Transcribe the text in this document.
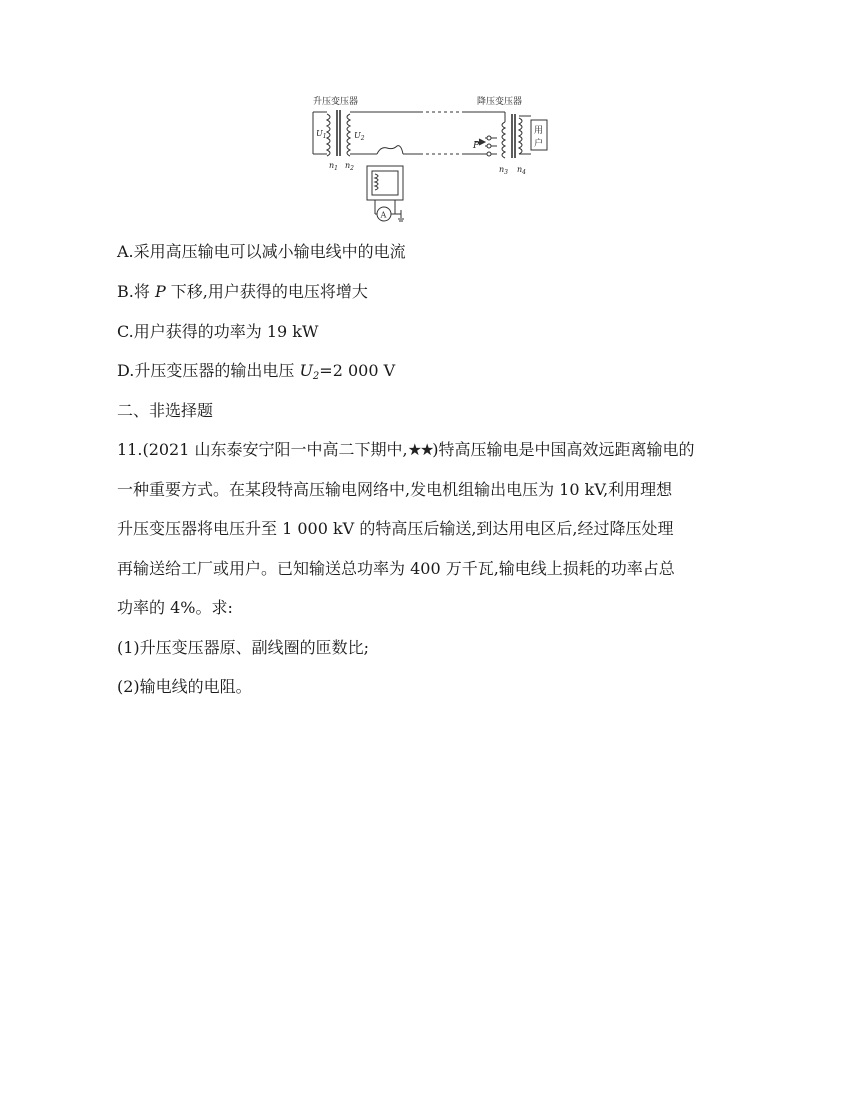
升压变压器	降压变压器
$U_1$	$U_2$
$n_1$ $n_2$	$n_3$ $n_4$
P
用
户
A
A.采用高压输电可以减小输电线中的电流
B.将 P 下移,用户获得的电压将增大
C.用户获得的功率为 19 kW
D.升压变压器的输出电压 $U_2=2$ 000 V
二、非选择题
11.(2021 山东泰安宁阳一中高二下期中,★★)特高压输电是中国高效远距离输电的
一种重要方式。在某段特高压输电网络中,发电机组输出电压为 10 kV,利用理想
升压变压器将电压升至 1 000 kV 的特高压后输送,到达用电区后,经过降压处理
再输送给工厂或用户。已知输送总功率为 400 万千瓦,输电线上损耗的功率占总
功率的 4%。求:
(1)升压变压器原、副线圈的匝数比;
(2)输电线的电阻。
